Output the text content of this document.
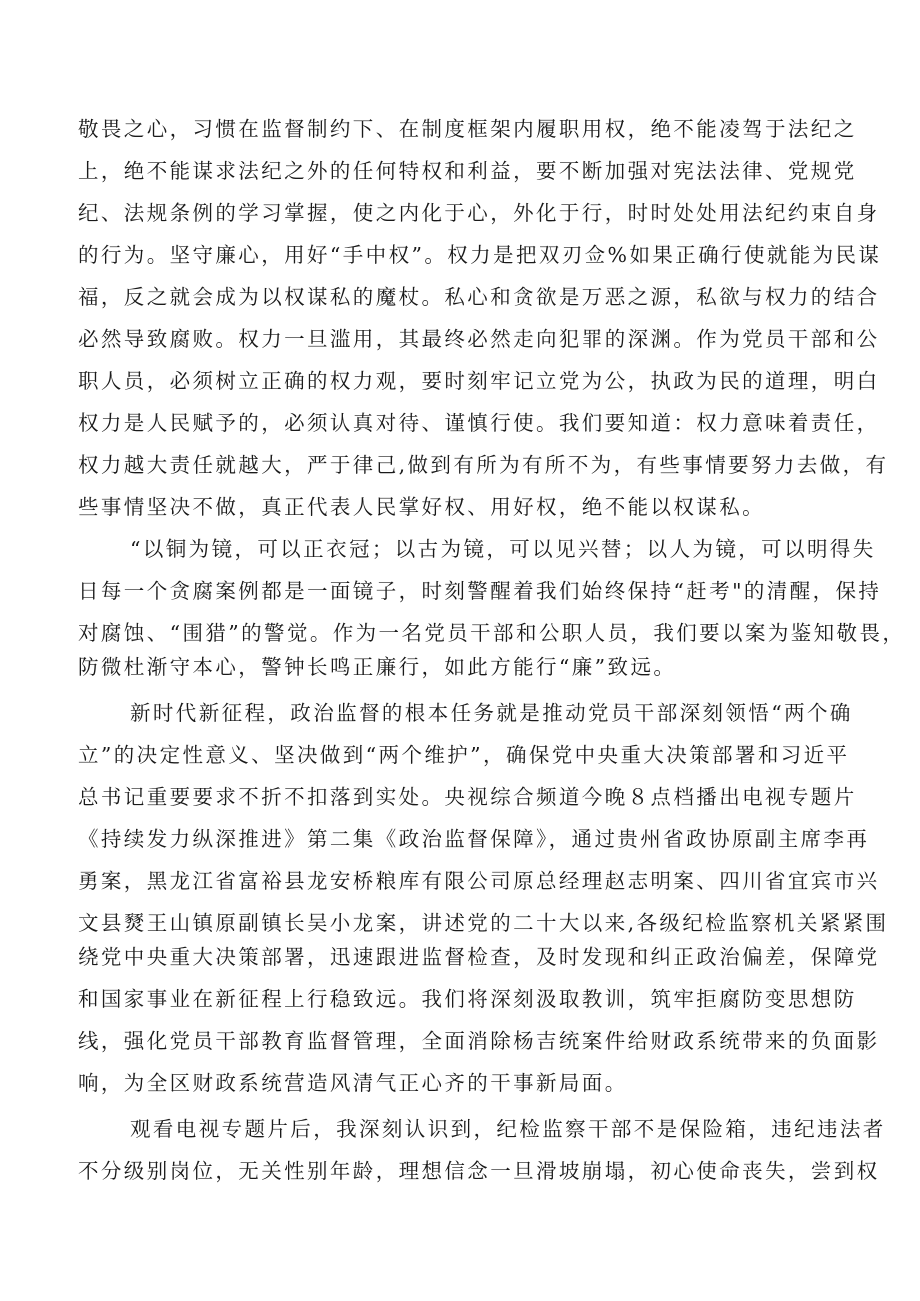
敬畏之心，习惯在监督制约下、在制度框架内履职用权，绝不能凌驾于法纪之
上，绝不能谋求法纪之外的任何特权和利益，要不断加强对宪法法律、党规党
纪、法规条例的学习掌握，使之内化于心，外化于行，时时处处用法纪约束自身
的行为。坚守廉心，用好“手中权”。权力是把双刃佥%如果正确行使就能为民谋
福，反之就会成为以权谋私的魔杖。私心和贪欲是万恶之源，私欲与权力的结合
必然导致腐败。权力一旦滥用，其最终必然走向犯罪的深渊。作为党员干部和公
职人员，必须树立正确的权力观，要时刻牢记立党为公，执政为民的道理，明白
权力是人民赋予的，必须认真对待、谨慎行使。我们要知道：权力意味着责任，
权力越大责任就越大，严于律己,做到有所为有所不为，有些事情要努力去做，有
些事情坚决不做，真正代表人民掌好权、用好权，绝不能以权谋私。
“以铜为镜，可以正衣冠；以古为镜，可以见兴替；以人为镜，可以明得失
日每一个贪腐案例都是一面镜子，时刻警醒着我们始终保持“赶考"的清醒，保持
对腐蚀、“围猎”的警觉。作为一名党员干部和公职人员，我们要以案为鉴知敬畏，
防微杜渐守本心，警钟长鸣正廉行，如此方能行“廉”致远。
新时代新征程，政治监督的根本任务就是推动党员干部深刻领悟“两个确
立”的决定性意义、坚决做到“两个维护”，确保党中央重大决策部署和习近平
总书记重要要求不折不扣落到实处。央视综合频道今晚８点档播出电视专题片
《持续发力纵深推进》第二集《政治监督保障》，通过贵州省政协原副主席李再
勇案，黑龙江省富裕县龙安桥粮库有限公司原总经理赵志明案、四川省宜宾市兴
文县燹王山镇原副镇长吴小龙案，讲述党的二十大以来,各级纪检监察机关紧紧围
绕党中央重大决策部署，迅速跟进监督检查，及时发现和纠正政治偏差，保障党
和国家事业在新征程上行稳致远。我们将深刻汲取教训，筑牢拒腐防变思想防
线，强化党员干部教育监督管理，全面消除杨吉统案件给财政系统带来的负面影
响，为全区财政系统营造风清气正心齐的干事新局面。
观看电视专题片后，我深刻认识到，纪检监察干部不是保险箱，违纪违法者
不分级别岗位，无关性别年龄，理想信念一旦滑坡崩塌，初心使命丧失，尝到权
